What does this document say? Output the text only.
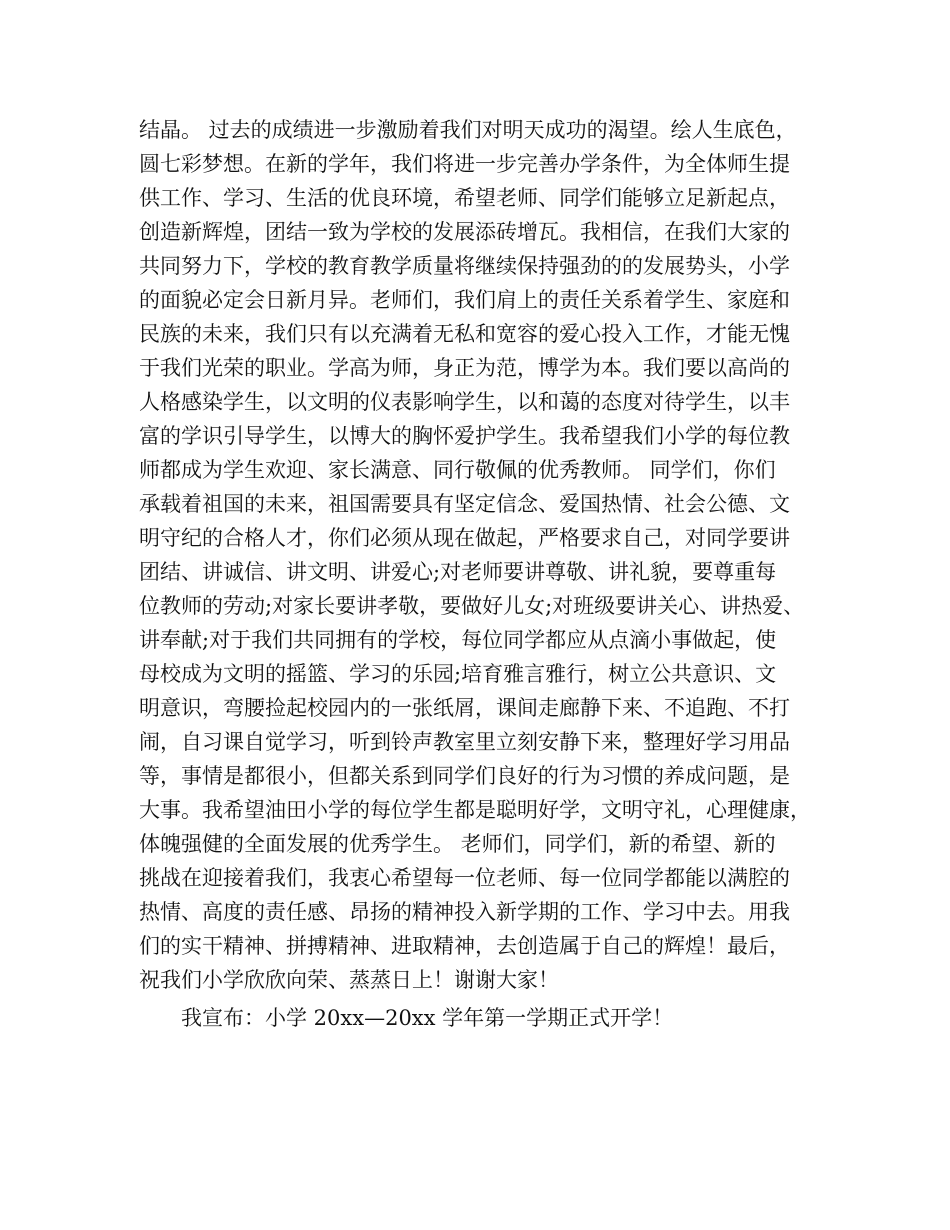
结晶。 过去的成绩进一步激励着我们对明天成功的渴望。绘人生底色，
圆七彩梦想。在新的学年，我们将进一步完善办学条件，为全体师生提
供工作、学习、生活的优良环境，希望老师、同学们能够立足新起点，
创造新辉煌，团结一致为学校的发展添砖增瓦。我相信，在我们大家的
共同努力下，学校的教育教学质量将继续保持强劲的的发展势头，小学
的面貌必定会日新月异。老师们，我们肩上的责任关系着学生、家庭和
民族的未来，我们只有以充满着无私和宽容的爱心投入工作，才能无愧
于我们光荣的职业。学高为师，身正为范，博学为本。我们要以高尚的
人格感染学生，以文明的仪表影响学生，以和蔼的态度对待学生，以丰
富的学识引导学生，以博大的胸怀爱护学生。我希望我们小学的每位教
师都成为学生欢迎、家长满意、同行敬佩的优秀教师。 同学们，你们
承载着祖国的未来，祖国需要具有坚定信念、爱国热情、社会公德、文
明守纪的合格人才，你们必须从现在做起，严格要求自己，对同学要讲
团结、讲诚信、讲文明、讲爱心;对老师要讲尊敬、讲礼貌，要尊重每
位教师的劳动;对家长要讲孝敬，要做好儿女;对班级要讲关心、讲热爱、
讲奉献;对于我们共同拥有的学校，每位同学都应从点滴小事做起，使
母校成为文明的摇篮、学习的乐园;培育雅言雅行，树立公共意识、文
明意识，弯腰捡起校园内的一张纸屑，课间走廊静下来、不追跑、不打
闹，自习课自觉学习，听到铃声教室里立刻安静下来，整理好学习用品
等，事情是都很小，但都关系到同学们良好的行为习惯的养成问题，是
大事。我希望油田小学的每位学生都是聪明好学，文明守礼，心理健康，
体魄强健的全面发展的优秀学生。 老师们，同学们，新的希望、新的
挑战在迎接着我们，我衷心希望每一位老师、每一位同学都能以满腔的
热情、高度的责任感、昂扬的精神投入新学期的工作、学习中去。用我
们的实干精神、拼搏精神、进取精神，去创造属于自己的辉煌！最后，
祝我们小学欣欣向荣、蒸蒸日上！谢谢大家！
我宣布：小学 20xx—20xx 学年第一学期正式开学！
